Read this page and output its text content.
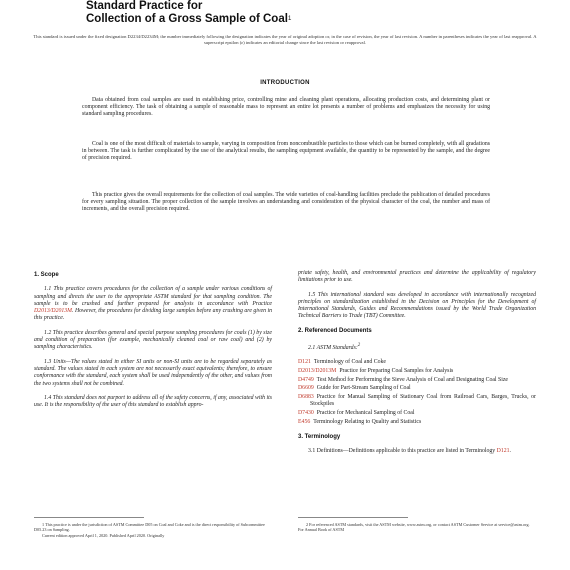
Standard Practice for
Collection of a Gross Sample of Coal$^1$
This standard is issued under the fixed designation D2234/D2234M; the number immediately following the designation indicates the year of original adoption or, in the case of revision, the year of last revision. A number in parentheses indicates the year of last reapproval. A superscript epsilon (ε) indicates an editorial change since the last revision or reapproval.
INTRODUCTION

Data obtained from coal samples are used in establishing price, controlling mine and cleaning plant operations, allocating production costs, and determining plant or component efficiency. The task of obtaining a sample of reasonable mass to represent an entire lot presents a number of problems and emphasizes the necessity for using standard sampling procedures.

Coal is one of the most difficult of materials to sample, varying in composition from noncombustible particles to those which can be burned completely, with all gradations in between. The task is further complicated by the use of the analytical results, the sampling equipment available, the quantity to be represented by the sample, and the degree of precision required.

This practice gives the overall requirements for the collection of coal samples. The wide varieties of coal-handling facilities preclude the publication of detailed procedures for every sampling situation. The proper collection of the sample involves an understanding and consideration of the physical character of the coal, the number and mass of increments, and the overall precision required.

1. Scope

1.1 This practice covers procedures for the collection of a sample under various conditions of sampling and directs the user to the appropriate ASTM standard for that sampling condition. The sample is to be crushed and further prepared for analysis in accordance with Practice D2013/D2013M. However, the procedures for dividing large samples before any crushing are given in this practice.

1.2 This practice describes general and special purpose sampling procedures for coals (1) by size and condition of preparation (for example, mechanically cleaned coal or raw coal) and (2) by sampling characteristics.

1.3 Units—The values stated in either SI units or non-SI units are to be regarded separately as standard. The values stated in each system are not necessarily exact equivalents; therefore, to ensure conformance with the standard, each system shall be used independently of the other, and values from the two systems shall not be combined.

1.4 This standard does not purport to address all of the safety concerns, if any, associated with its use. It is the responsibility of the user of this standard to establish appro-

priate safety, health, and environmental practices and determine the applicability of regulatory limitations prior to use.

1.5 This international standard was developed in accordance with internationally recognized principles on standardization established in the Decision on Principles for the Development of International Standards, Guides and Recommendations issued by the World Trade Organization Technical Barriers to Trade (TBT) Committee.

2. Referenced Documents

2.1 ASTM Standards:$^2$

D121 Terminology of Coal and Coke
D2013/D2013M Practice for Preparing Coal Samples for Analysis
D4749 Test Method for Performing the Sieve Analysis of Coal and Designating Coal Size
D6609 Guide for Part-Stream Sampling of Coal
D6883 Practice for Manual Sampling of Stationary Coal from Railroad Cars, Barges, Trucks, or Stockpiles
D7430 Practice for Mechanical Sampling of Coal
E456 Terminology Relating to Quality and Statistics
3. Terminology

3.1 Definitions—Definitions applicable to this practice are listed in Terminology D121.

1 This practice is under the jurisdiction of ASTM Committee D05 on Coal and Coke and is the direct responsibility of Subcommittee D05.23 on Sampling.
Current edition approved April 1, 2020. Published April 2020. Originally
2 For referenced ASTM standards, visit the ASTM website, www.astm.org, or contact ASTM Customer Service at service@astm.org. For Annual Book of ASTM
